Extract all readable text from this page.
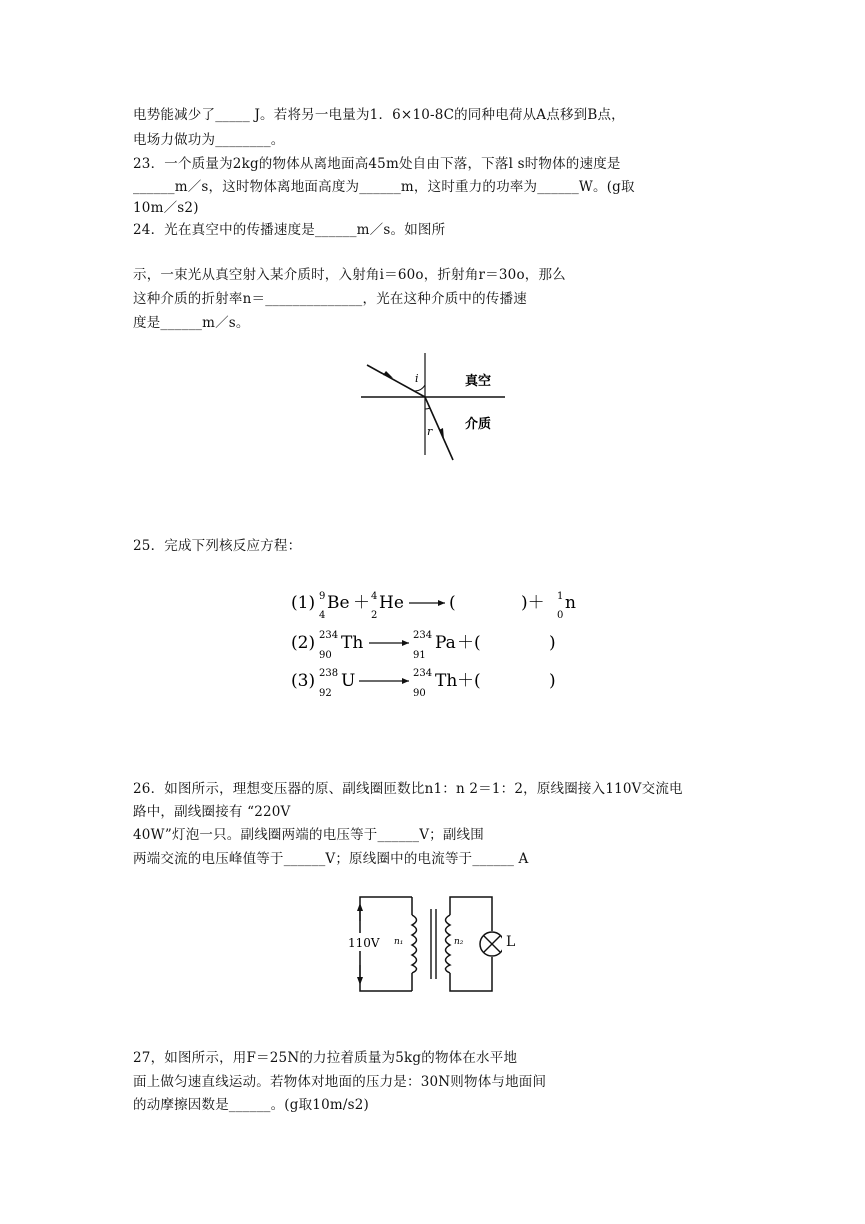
电势能减少了_____ J。若将另一电量为1．6×10-8C的同种电荷从A点移到B点，
电场力做功为________。
23．一个质量为2kg的物体从离地面高45m处自由下落，下落l s时物体的速度是
______m／s，这时物体离地面高度为______m，这时重力的功率为______W。(g取
10m／s2)
24．光在真空中的传播速度是______m／s。如图所
示，一束光从真空射入某介质时，入射角i＝60o，折射角r＝30o，那么
这种介质的折射率n＝______________，光在这种介质中的传播速
度是______m／s。
i
r
真空
介质
25．完成下列核反应方程：
(1) 9
4
Be ＋ 4
2
He	(	)＋ 1
0
n
(2) 234
90
Th	234
91
Pa ＋(	)
(3) 238
92
U	234
90
Th ＋(	)
26．如图所示，理想变压器的原、副线圈匝数比n1：n 2＝1：2，原线圈接入110V交流电
路中，副线圈接有 “220V
40W”灯泡一只。副线圈两端的电压等于______V；副线围
两端交流的电压峰值等于______V；原线圈中的电流等于______ A
110V n₁	n₂	L
27，如图所示，用F＝25N的力拉着质量为5kg的物体在水平地
面上做匀速直线运动。若物体对地面的压力是：30N则物体与地面间
的动摩擦因数是______。(g取10m/s2)
